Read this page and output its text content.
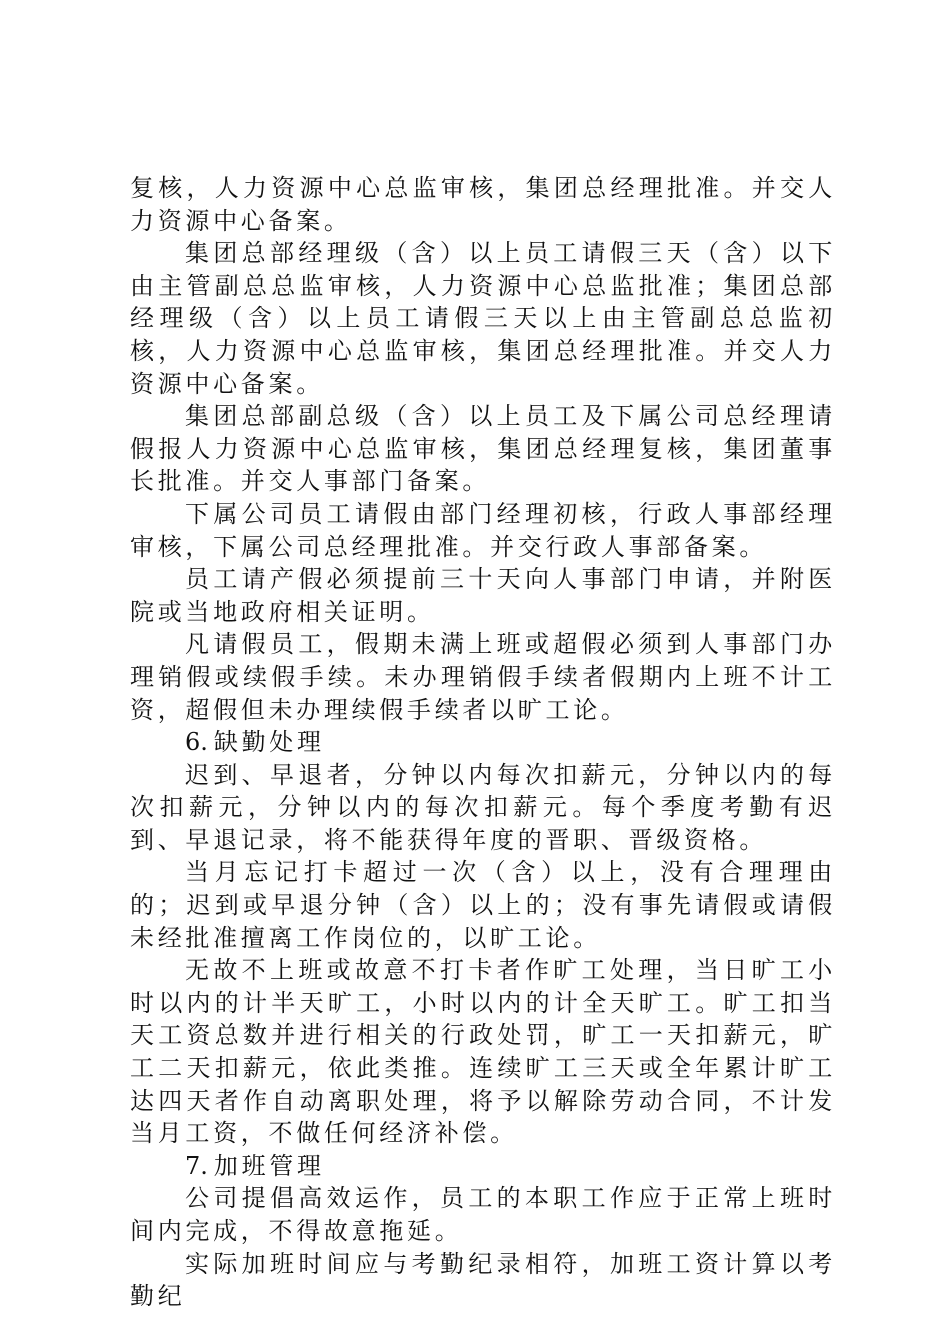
复核，人力资源中心总监审核，集团总经理批准。并交人力资源中心备案。

集团总部经理级（含）以上员工请假三天（含）以下由主管副总总监审核，人力资源中心总监批准；集团总部经理级（含）以上员工请假三天以上由主管副总总监初核，人力资源中心总监审核，集团总经理批准。并交人力资源中心备案。

集团总部副总级（含）以上员工及下属公司总经理请假报人力资源中心总监审核，集团总经理复核，集团董事长批准。并交人事部门备案。

下属公司员工请假由部门经理初核，行政人事部经理审核，下属公司总经理批准。并交行政人事部备案。

员工请产假必须提前三十天向人事部门申请，并附医院或当地政府相关证明。

凡请假员工，假期未满上班或超假必须到人事部门办理销假或续假手续。未办理销假手续者假期内上班不计工资，超假但未办理续假手续者以旷工论。

6. 缺勤处理

迟到、早退者，分钟以内每次扣薪元，分钟以内的每次扣薪元，分钟以内的每次扣薪元。每个季度考勤有迟到、早退记录，将不能获得年度的晋职、晋级资格。

当月忘记打卡超过一次（含）以上，没有合理理由的；迟到或早退分钟（含）以上的；没有事先请假或请假未经批准擅离工作岗位的，以旷工论。

无故不上班或故意不打卡者作旷工处理，当日旷工小时以内的计半天旷工，小时以内的计全天旷工。旷工扣当天工资总数并进行相关的行政处罚，旷工一天扣薪元，旷工二天扣薪元，依此类推。连续旷工三天或全年累计旷工达四天者作自动离职处理，将予以解除劳动合同，不计发当月工资，不做任何经济补偿。

7. 加班管理

公司提倡高效运作，员工的本职工作应于正常上班时间内完成，不得故意拖延。

实际加班时间应与考勤纪录相符，加班工资计算以考勤纪
